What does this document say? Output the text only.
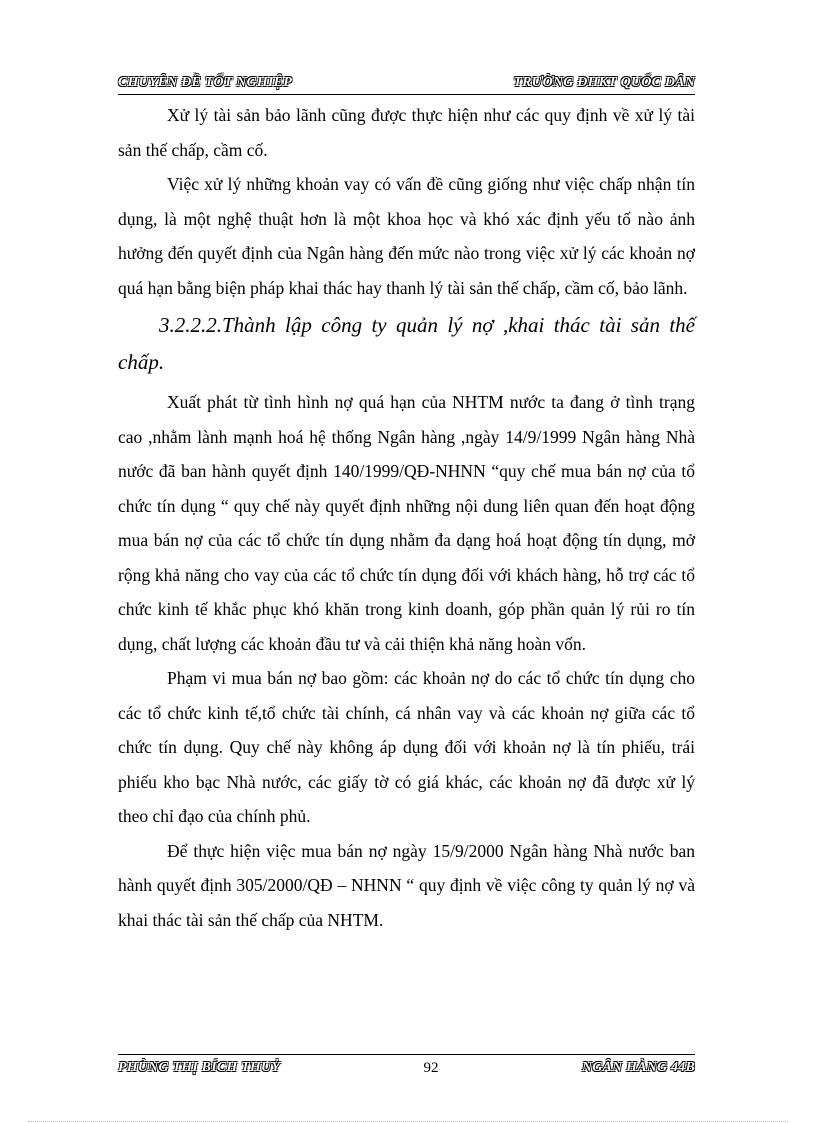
CHUYÊN ĐỀ TỐT NGHIỆP	TRƯỜNG ĐHKT QUỐC DÂN

Xử lý tài sản bảo lãnh cũng được thực hiện như các quy định về xử lý tài sản thế chấp, cầm cố.

Việc xử lý những khoản vay có vấn đề cũng giống như việc chấp nhận tín dụng, là một nghệ thuật hơn là một khoa học và khó xác định yếu tố nào ảnh hưởng đến quyết định của Ngân hàng đến mức nào trong việc xử lý các khoản nợ quá hạn bằng biện pháp khai thác hay thanh lý tài sản thế chấp, cầm cố, bảo lãnh.

3.2.2.2.Thành lập công ty quản lý nợ ,khai thác tài sản thế chấp.

Xuất phát từ tình hình nợ quá hạn của NHTM nước ta đang ở tình trạng cao ,nhằm lành mạnh hoá hệ thống Ngân hàng ,ngày 14/9/1999 Ngân hàng Nhà nước đã ban hành quyết định 140/1999/QĐ-NHNN “quy chế mua bán nợ của tổ chức tín dụng “ quy chế này quyết định những nội dung liên quan đến hoạt động mua bán nợ của các tổ chức tín dụng nhằm đa dạng hoá hoạt động tín dụng, mở rộng khả năng cho vay của các tổ chức tín dụng đối với khách hàng, hỗ trợ các tổ chức kinh tế khắc phục khó khăn trong kinh doanh, góp phần quản lý rủi ro tín dụng, chất lượng các khoản đầu tư và cải thiện khả năng hoàn vốn.

Phạm vi mua bán nợ bao gồm: các khoản nợ do các tổ chức tín dụng cho các tổ chức kinh tế,tổ chức tài chính, cá nhân vay và các khoản nợ giữa các tổ chức tín dụng. Quy chế này không áp dụng đối với khoản nợ là tín phiếu, trái phiếu kho bạc Nhà nước, các giấy tờ có giá khác, các khoản nợ đã được xử lý theo chỉ đạo của chính phủ.

Để thực hiện việc mua bán nợ ngày 15/9/2000 Ngân hàng Nhà nước ban hành quyết định 305/2000/QĐ – NHNN “ quy định về việc công ty quản lý nợ và khai thác tài sản thế chấp của NHTM.

PHÙNG THỊ BÍCH THUỶ	92	NGÂN HÀNG 44B
